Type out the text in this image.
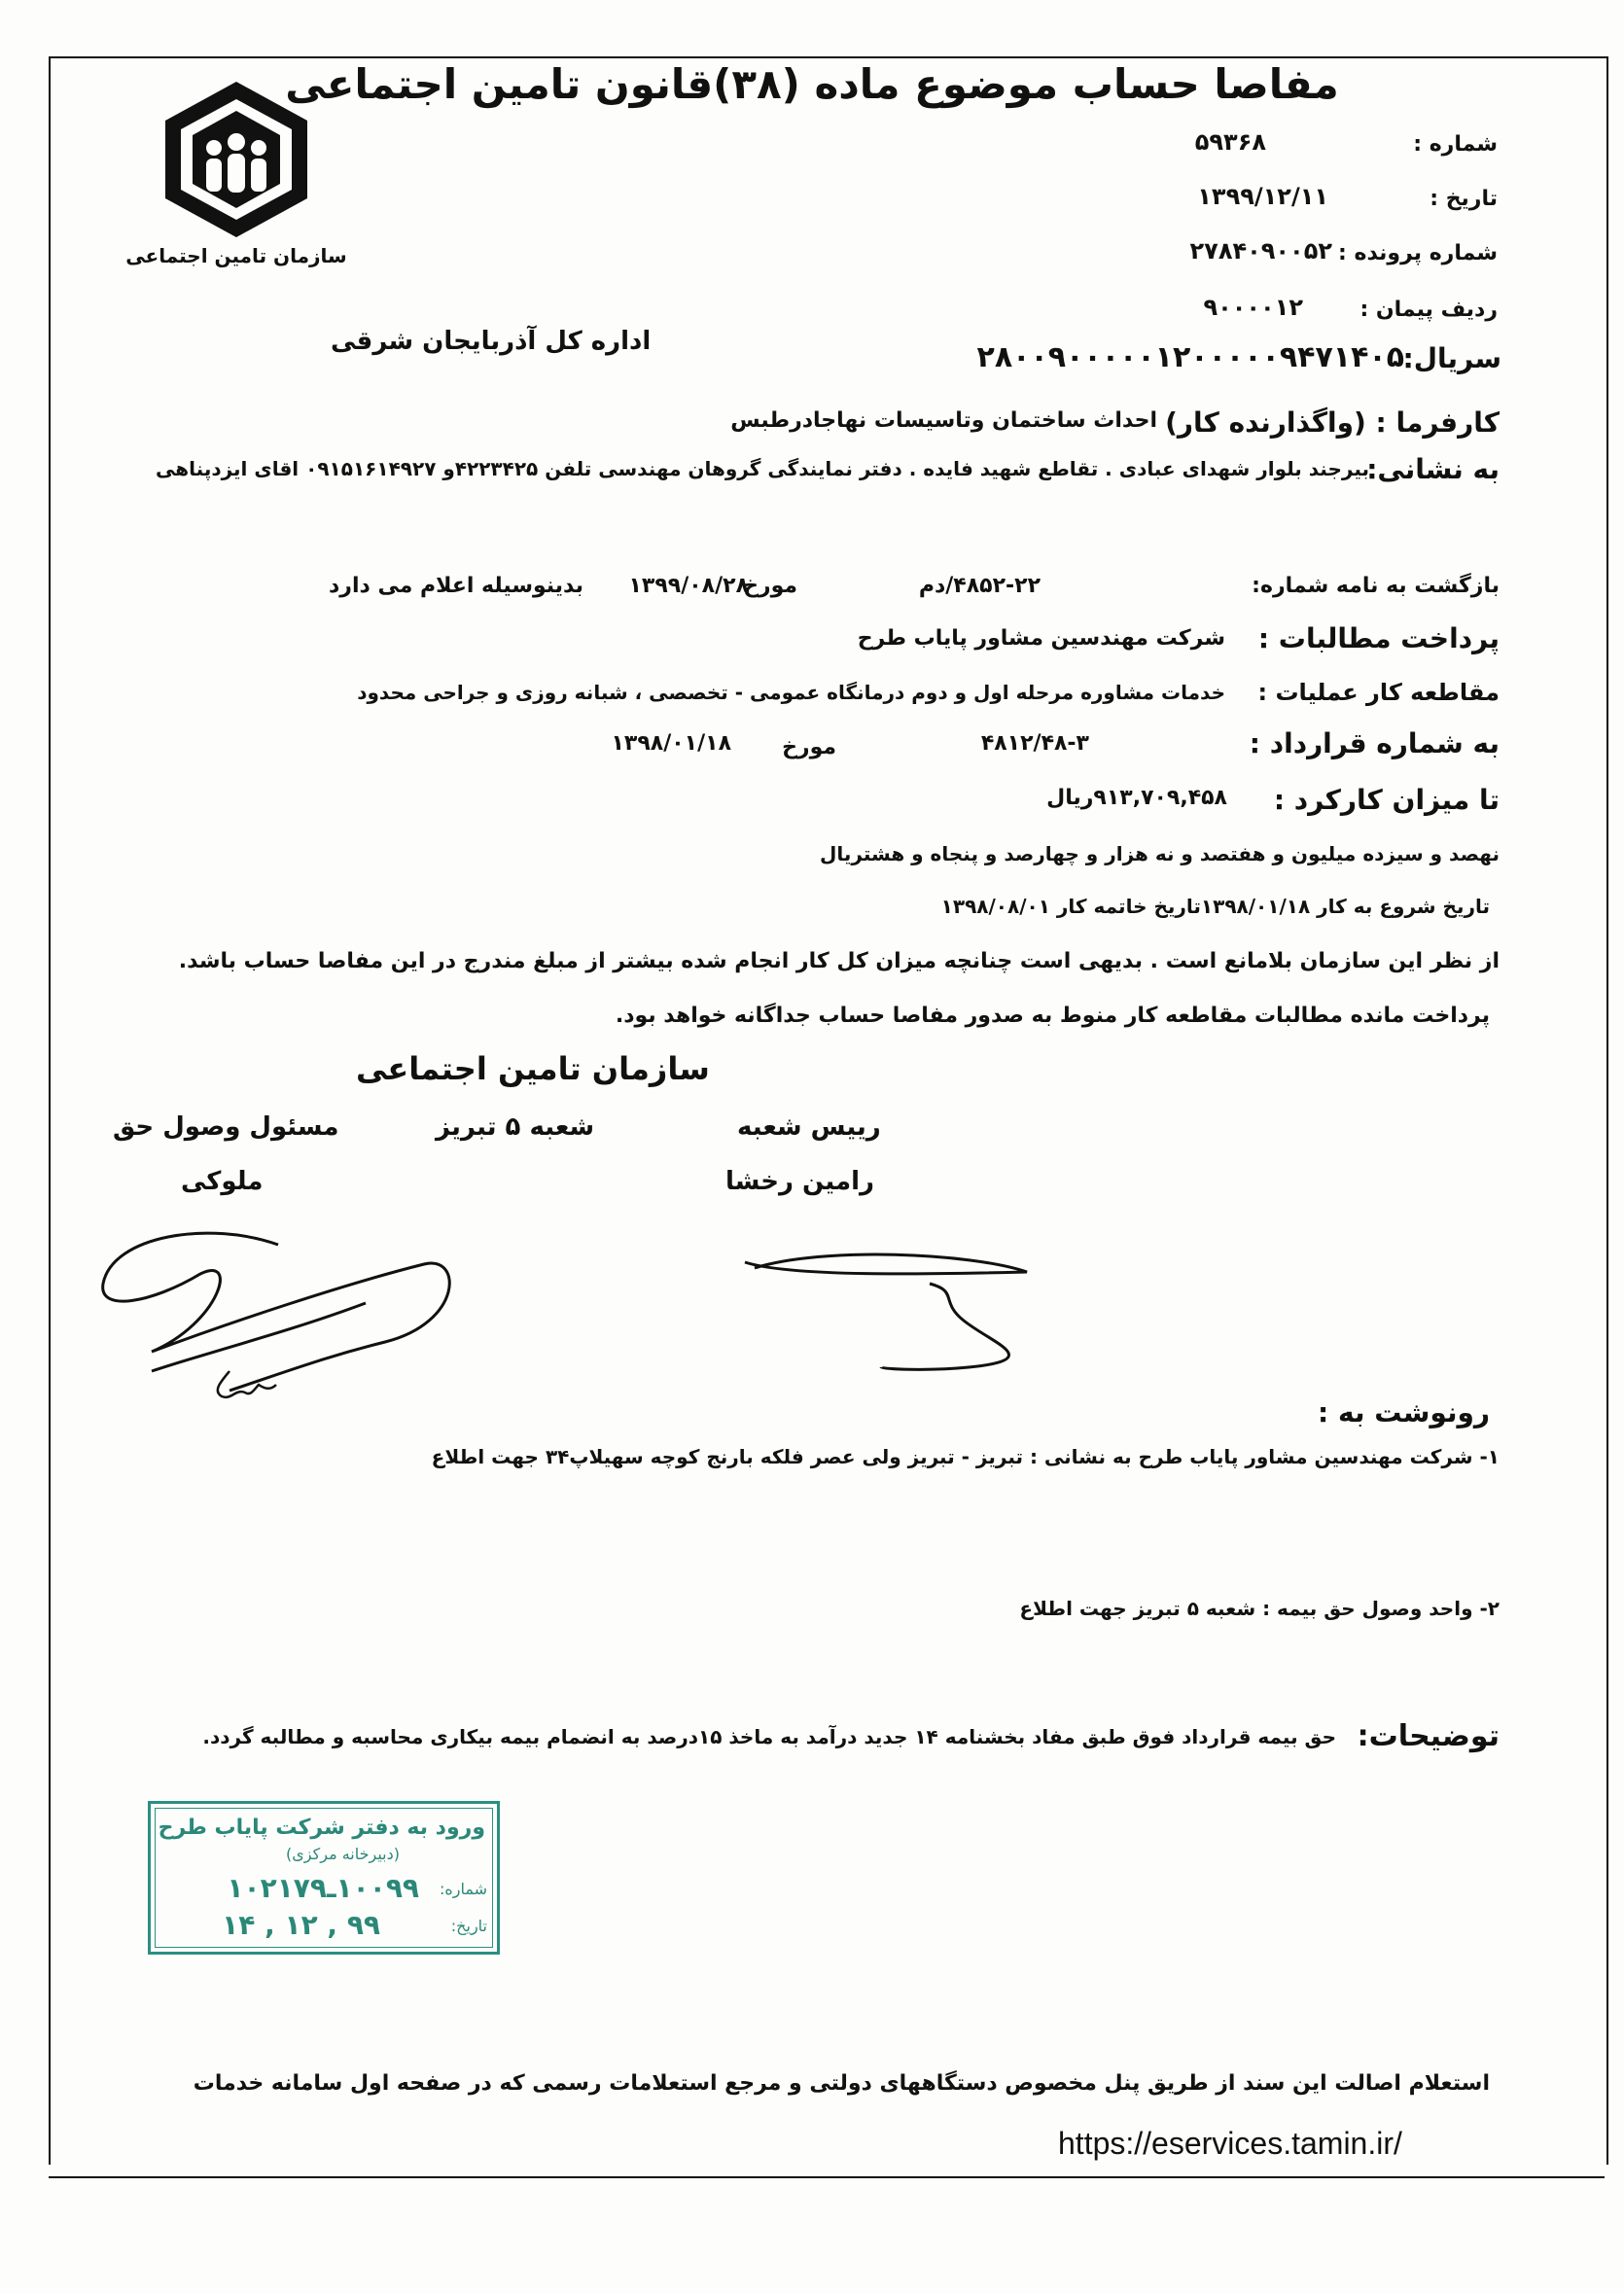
مفاصا حساب موضوع ماده (۳۸)قانون تامین اجتماعی
سازمان تامین اجتماعی
اداره کل آذربایجان شرقی
شماره :
۵۹۳۶۸
تاریخ :
۱۳۹۹/۱۲/۱۱
شماره پرونده :
۲۷۸۴۰۹۰۰۵۲
ردیف پیمان :
۹۰۰۰۰۱۲
سریال:
۲۸۰۰۹۰۰۰۰۰۱۲۰۰۰۰۰۹۴۷۱۴۰۵
کارفرما : (واگذارنده کار)
احداث ساختمان وتاسیسات نهاجادرطبس
به نشانی:
بیرجند بلوار شهدای عبادی . تقاطع شهید فایده . دفتر نمایندگی گروهان مهندسی تلفن ۴۲۲۳۴۲۵و ۰۹۱۵۱۶۱۴۹۲۷ اقای ایزدپناهی
بازگشت به نامه شماره:
۴۸۵۲-۲۲/دم
مورخ
۱۳۹۹/۰۸/۲۸
بدینوسیله اعلام می دارد
پرداخت مطالبات :
شرکت مهندسین مشاور پایاب طرح
مقاطعه کار عملیات :
خدمات مشاوره مرحله اول و دوم درمانگاه عمومی - تخصصی ، شبانه روزی و جراحی محدود
به شماره قرارداد :
۴۸۱۲/۴۸-۳
مورخ
۱۳۹۸/۰۱/۱۸
تا میزان کارکرد :
۹۱۳,۷۰۹,۴۵۸ریال
نهصد و سیزده میلیون و هفتصد و نه هزار و چهارصد و پنجاه و هشتریال
تاریخ شروع به کار ۱۳۹۸/۰۱/۱۸تاریخ خاتمه کار ۱۳۹۸/۰۸/۰۱
از نظر این سازمان بلامانع است . بدیهی است چنانچه میزان کل کار انجام شده بیشتر از مبلغ مندرج در این مفاصا حساب باشد.
پرداخت مانده مطالبات مقاطعه کار منوط به صدور مفاصا حساب جداگانه خواهد بود.
سازمان تامین اجتماعی
رییس شعبه
رامین رخشا
شعبه ۵ تبریز
مسئول وصول حق
ملوکی
رونوشت به :
۱- شرکت مهندسین مشاور پایاب طرح به نشانی : تبریز - تبریز ولی عصر فلکه بارنج کوچه سهیلاپ۳۴ جهت اطلاع
۲- واحد وصول حق بیمه : شعبه ۵ تبریز جهت اطلاع
توضیحات:
حق بیمه قرارداد فوق طبق مفاد بخشنامه ۱۴ جدید درآمد به ماخذ ۱۵درصد به انضمام بیمه بیکاری محاسبه و مطالبه گردد.
ورود به دفتر شرکت پایاب طرح
(دبیرخانه مرکزی)
شماره:
۱۰۰۹۹ـ۱۰۲۱۷۹
تاریخ:
۹۹ , ۱۲ , ۱۴
استعلام اصالت این سند از طریق پنل مخصوص دستگاههای دولتی و مرجع استعلامات رسمی که در صفحه اول سامانه خدمات
https://eservices.tamin.ir/
